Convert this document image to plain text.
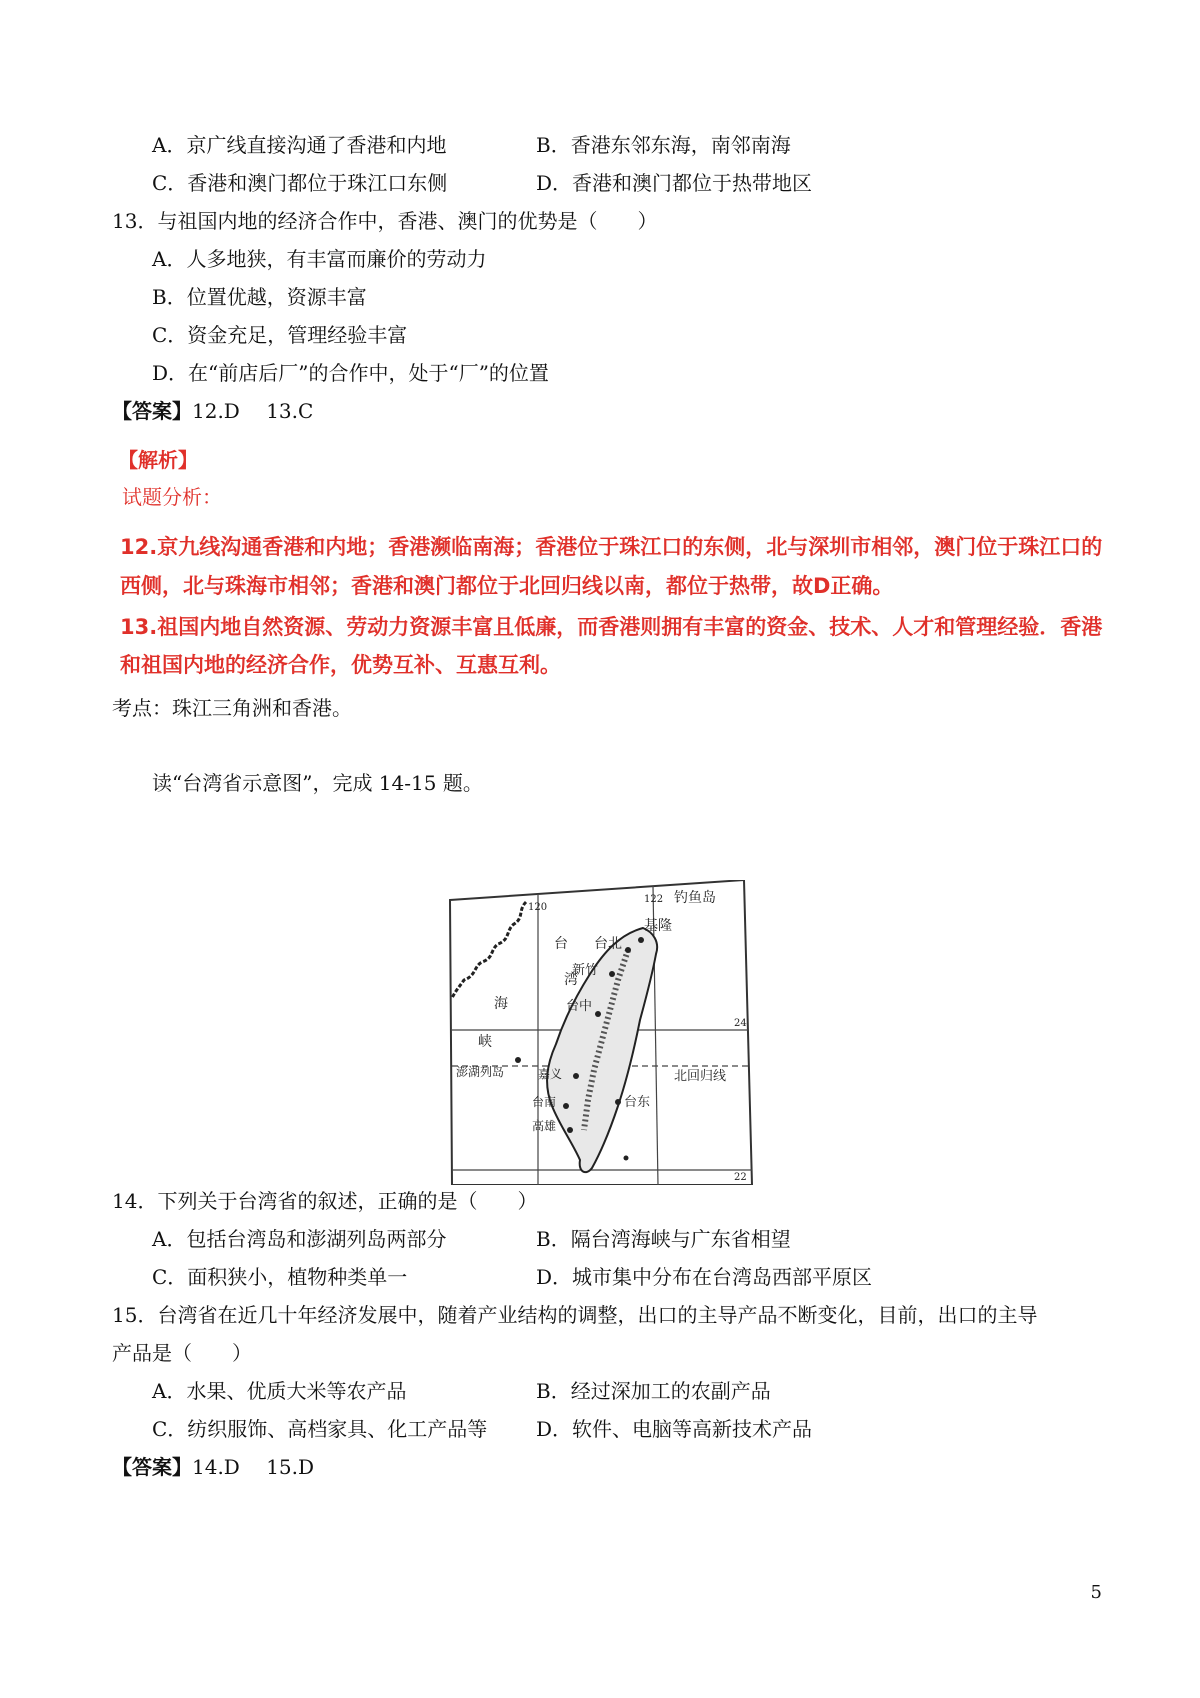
A．京广线直接沟通了香港和内地	B．香港东邻东海，南邻南海
C．香港和澳门都位于珠江口东侧	D．香港和澳门都位于热带地区
13．与祖国内地的经济合作中，香港、澳门的优势是（　　）
A．人多地狭，有丰富而廉价的劳动力
B．位置优越，资源丰富
C．资金充足，管理经验丰富
D．在“前店后厂”的合作中，处于“厂”的位置
【答案】12.D　 13.C
【解析】
试题分析：
12.京九线沟通香港和内地；香港濒临南海；香港位于珠江口的东侧，北与深圳市相邻，澳门位于珠江口的
西侧，北与珠海市相邻；香港和澳门都位于北回归线以南，都位于热带，故D正确。
13.祖国内地自然资源、劳动力资源丰富且低廉，而香港则拥有丰富的资金、技术、人才和管理经验．香港
和祖国内地的经济合作，优势互补、互惠互利。
考点：珠江三角洲和香港。
读“台湾省示意图”，完成 14-15 题。
钓鱼岛
120
122
基隆
台北
台
湾
海
峡
新竹
台中
澎湖列岛	嘉义
台南
高雄
台东
北回归线
24
22
14．下列关于台湾省的叙述，正确的是（　　）
A．包括台湾岛和澎湖列岛两部分	B．隔台湾海峡与广东省相望
C．面积狭小，植物种类单一	D．城市集中分布在台湾岛西部平原区
15．台湾省在近几十年经济发展中，随着产业结构的调整，出口的主导产品不断变化，目前，出口的主导
产品是（　　）
A．水果、优质大米等农产品	B．经过深加工的农副产品
C．纺织服饰、高档家具、化工产品等 D．软件、电脑等高新技术产品
【答案】14.D　 15.D
5
